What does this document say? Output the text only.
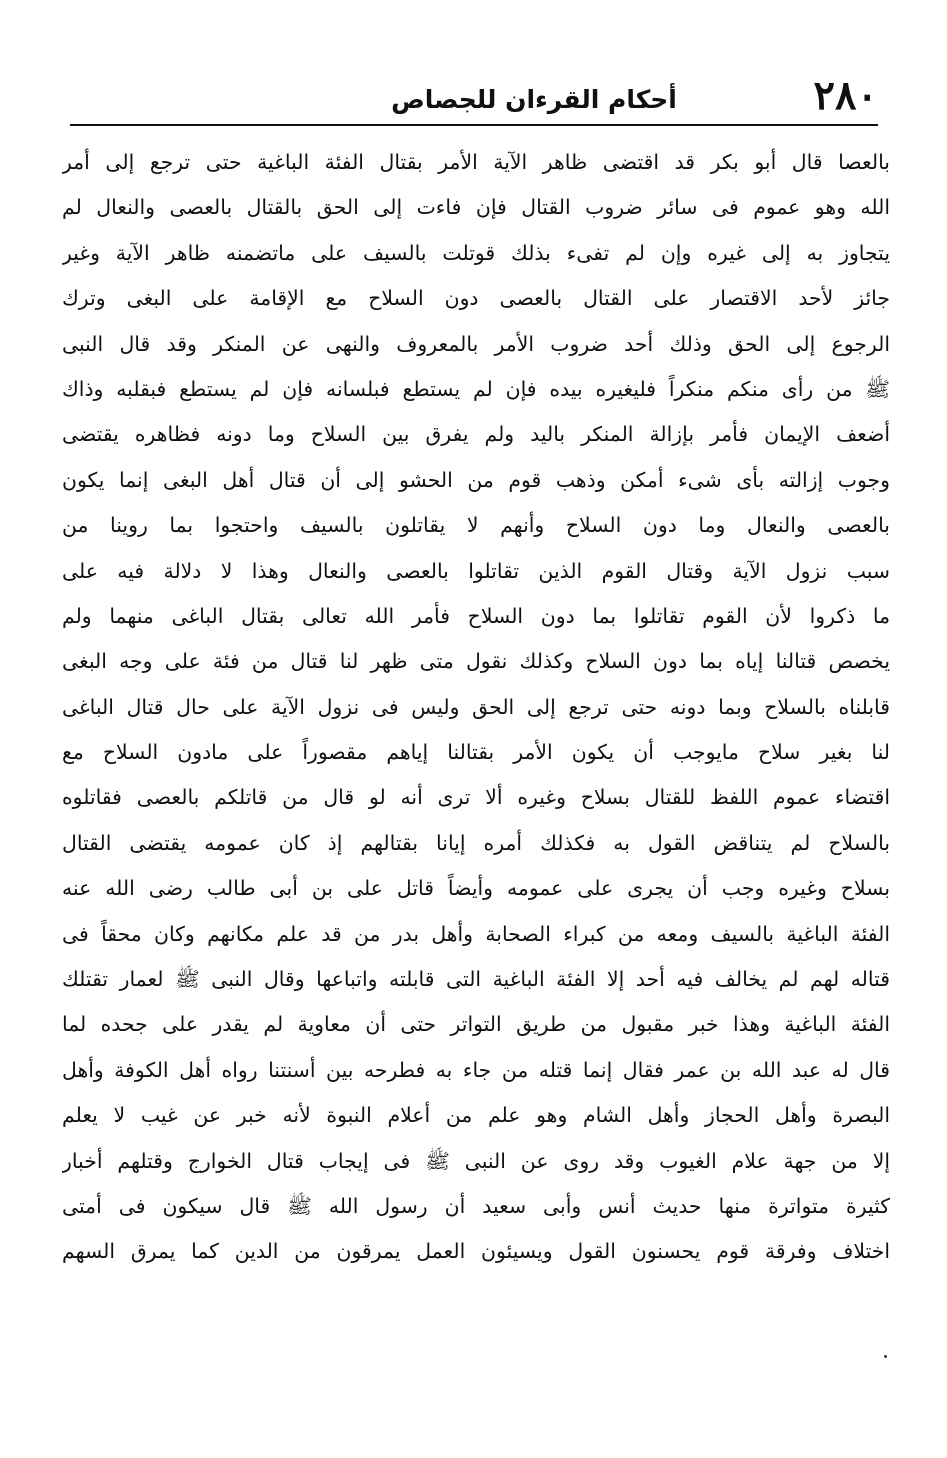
٢٨٠
أحكام القرءان للجصاص
بالعصا قال أبو بكر قد اقتضى ظاهر الآية الأمر بقتال الفئة الباغية حتى ترجع إلى أمر
الله وهو عموم فى سائر ضروب القتال فإن فاءت إلى الحق بالقتال بالعصى والنعال لم
يتجاوز به إلى غيره وإن لم تفىء بذلك قوتلت بالسيف على ماتضمنه ظاهر الآية وغير
جائز لأحد الاقتصار على القتال بالعصى دون السلاح مع الإقامة على البغى وترك
الرجوع إلى الحق وذلك أحد ضروب الأمر بالمعروف والنهى عن المنكر وقد قال النبى
ﷺ من رأى منكم منكراً فليغيره بيده فإن لم يستطع فبلسانه فإن لم يستطع فبقلبه وذاك
أضعف الإيمان فأمر بإزالة المنكر باليد ولم يفرق بين السلاح وما دونه فظاهره يقتضى
وجوب إزالته بأى شىء أمكن وذهب قوم من الحشو إلى أن قتال أهل البغى إنما يكون
بالعصى والنعال وما دون السلاح وأنهم لا يقاتلون بالسيف واحتجوا بما روينا من
سبب نزول الآية وقتال القوم الذين تقاتلوا بالعصى والنعال وهذا لا دلالة فيه على
ما ذكروا لأن القوم تقاتلوا بما دون السلاح فأمر الله تعالى بقتال الباغى منهما ولم
يخصص قتالنا إياه بما دون السلاح وكذلك نقول متى ظهر لنا قتال من فئة على وجه البغى
قابلناه بالسلاح وبما دونه حتى ترجع إلى الحق وليس فى نزول الآية على حال قتال الباغى
لنا بغير سلاح مايوجب أن يكون الأمر بقتالنا إياهم مقصوراً على مادون السلاح مع
اقتضاء عموم اللفظ للقتال بسلاح وغيره ألا ترى أنه لو قال من قاتلكم بالعصى فقاتلوه
بالسلاح لم يتناقض القول به فكذلك أمره إيانا بقتالهم إذ كان عمومه يقتضى القتال
بسلاح وغيره وجب أن يجرى على عمومه وأيضاً قاتل على بن أبى طالب رضى الله عنه
الفئة الباغية بالسيف ومعه من كبراء الصحابة وأهل بدر من قد علم مكانهم وكان محقاً فى
قتاله لهم لم يخالف فيه أحد إلا الفئة الباغية التى قابلته واتباعها وقال النبى ﷺ لعمار تقتلك
الفئة الباغية وهذا خبر مقبول من طريق التواتر حتى أن معاوية لم يقدر على جحده لما
قال له عبد الله بن عمر فقال إنما قتله من جاء به فطرحه بين أسنتنا رواه أهل الكوفة وأهل
البصرة وأهل الحجاز وأهل الشام وهو علم من أعلام النبوة لأنه خبر عن غيب لا يعلم
إلا من جهة علام الغيوب وقد روى عن النبى ﷺ فى إيجاب قتال الخوارج وقتلهم أخبار
كثيرة متواترة منها حديث أنس وأبى سعيد أن رسول الله ﷺ قال سيكون فى أمتى
اختلاف وفرقة قوم يحسنون القول ويسيئون العمل يمرقون من الدين كما يمرق السهم
